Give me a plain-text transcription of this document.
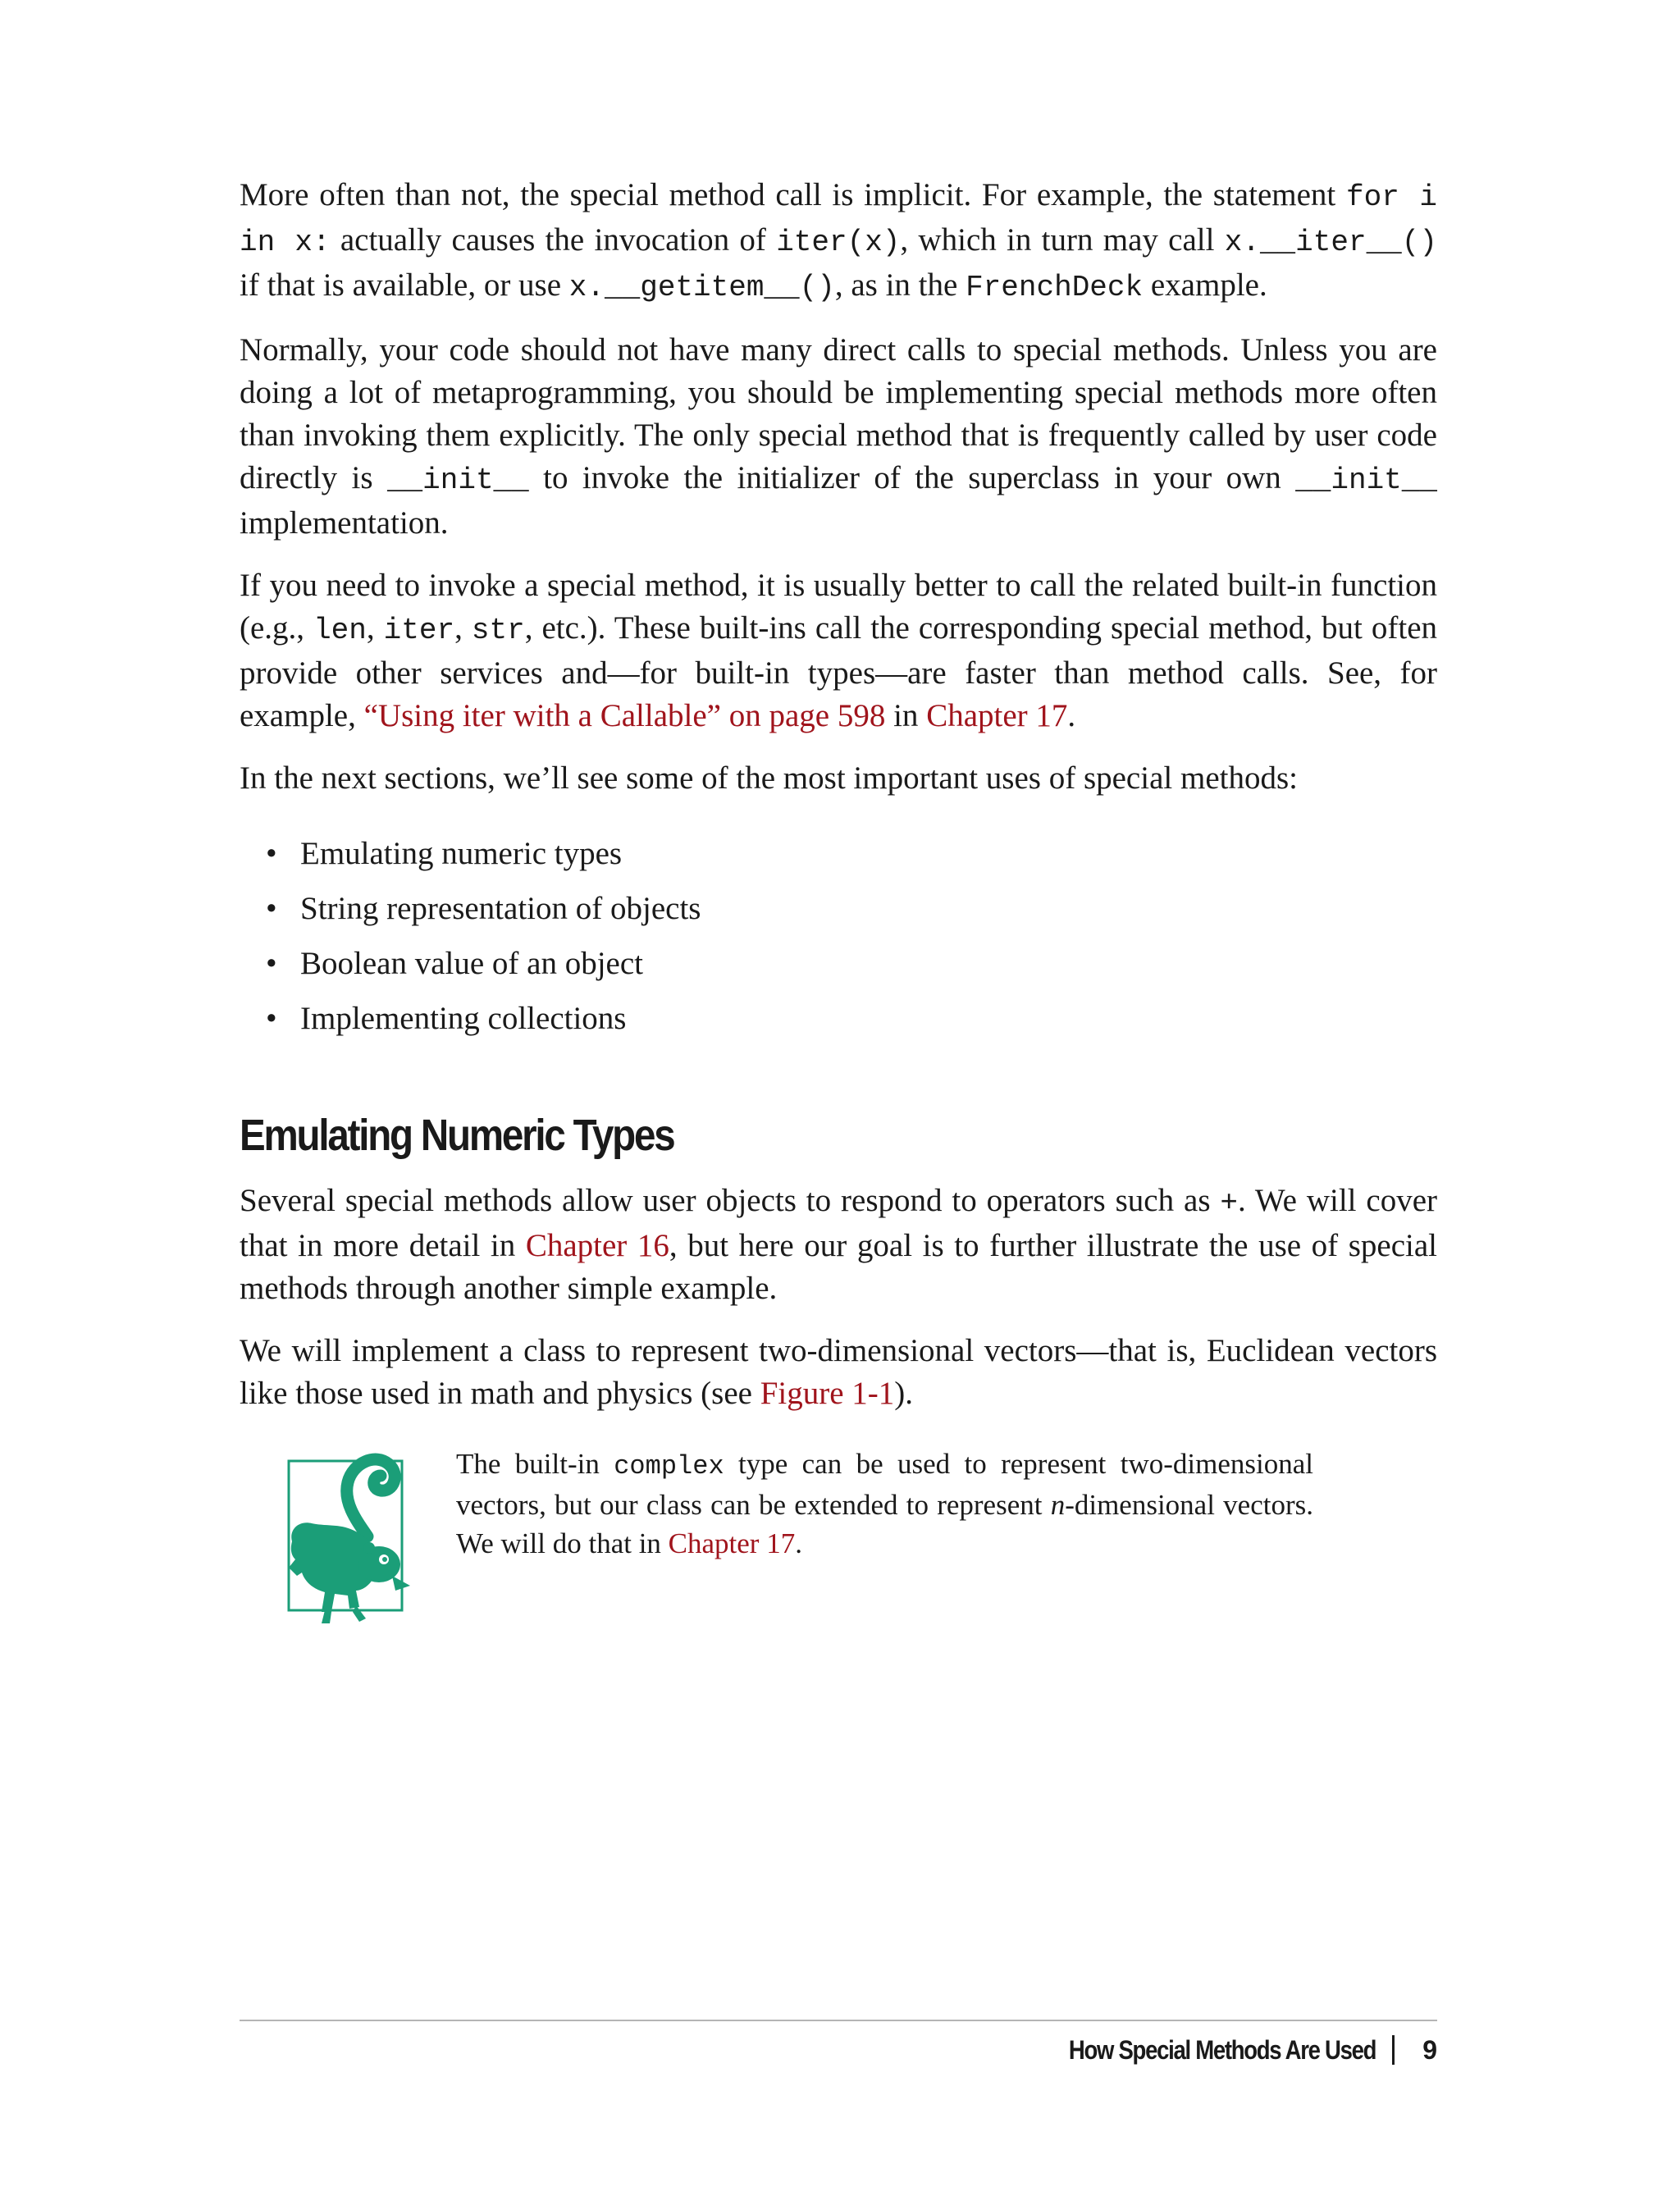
More often than not, the special method call is implicit. For example, the statement for i in x: actually causes the invocation of iter(x), which in turn may call x.__iter__() if that is available, or use x.__getitem__(), as in the FrenchDeck example.

Normally, your code should not have many direct calls to special methods. Unless you are doing a lot of metaprogramming, you should be implementing special methods more often than invoking them explicitly. The only special method that is frequently called by user code directly is __init__ to invoke the initializer of the superclass in your own __init__ implementation.

If you need to invoke a special method, it is usually better to call the related built-in function (e.g., len, iter, str, etc.). These built-ins call the corresponding special method, but often provide other services and—for built-in types—are faster than method calls. See, for example, “Using iter with a Callable” on page 598 in Chapter 17.

In the next sections, we’ll see some of the most important uses of special methods:

• Emulating numeric types
• String representation of objects
• Boolean value of an object
• Implementing collections
Emulating Numeric Types

Several special methods allow user objects to respond to operators such as +. We will cover that in more detail in Chapter 16, but here our goal is to further illustrate the use of special methods through another simple example.

We will implement a class to represent two-dimensional vectors—that is, Euclidean vectors like those used in math and physics (see Figure 1-1).

The built-in complex type can be used to represent two-dimensional vectors, but our class can be extended to represent n-dimensional vectors. We will do that in Chapter 17.
How Special Methods Are Used 9
